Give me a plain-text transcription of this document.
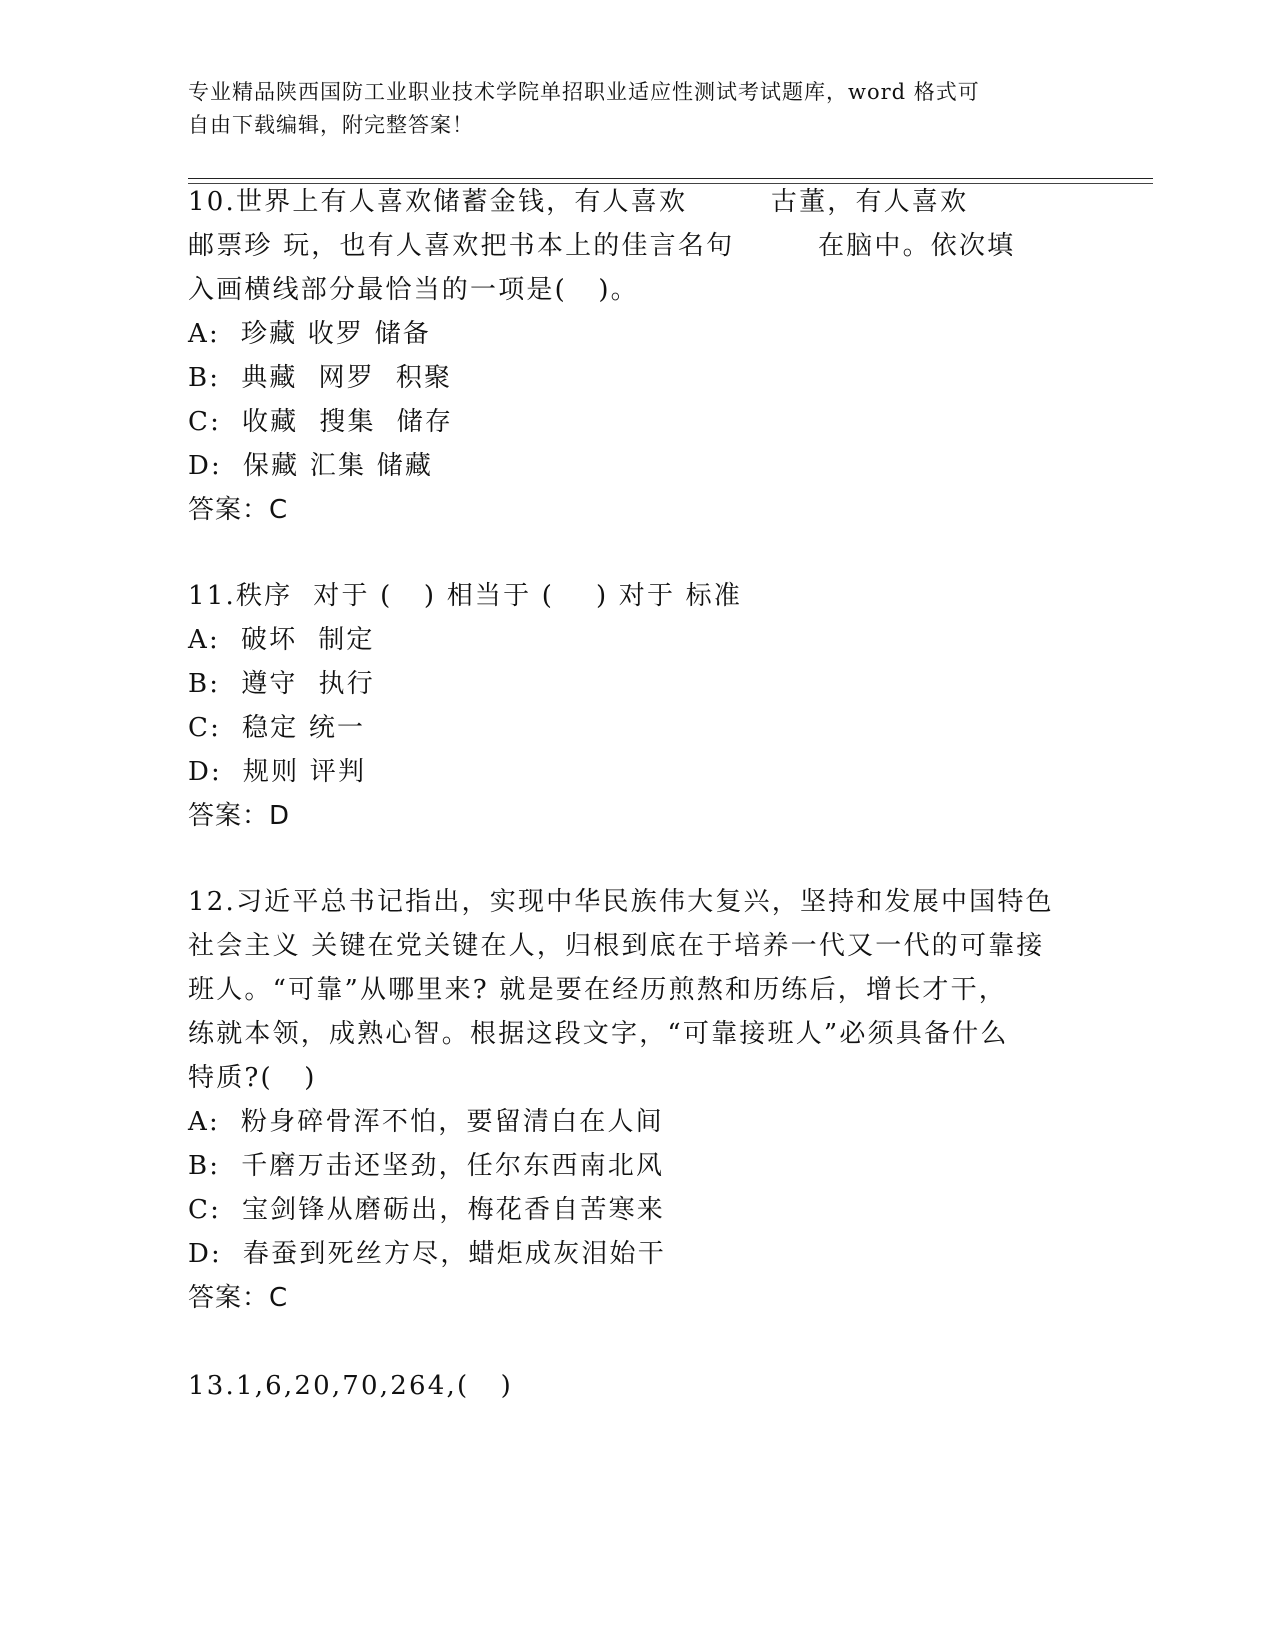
专业精品陕西国防工业职业技术学院单招职业适应性测试考试题库，word 格式可
自由下载编辑，附完整答案！
10.世界上有人喜欢储蓄金钱，有人喜欢        古董，有人喜欢
邮票珍 玩，也有人喜欢把书本上的佳言名句        在脑中。依次填
入画横线部分最恰当的一项是(   )。
A:  珍藏 收罗 储备
B:  典藏  网罗  积聚
C:  收藏  搜集  储存
D:  保藏 汇集 储藏
答案：C
11.秩序  对于 (   ) 相当于 (    ) 对于 标准
A:  破坏  制定
B:  遵守  执行
C:  稳定 统一
D:  规则 评判
答案：D
12.习近平总书记指出，实现中华民族伟大复兴，坚持和发展中国特色
社会主义 关键在党关键在人，归根到底在于培养一代又一代的可靠接
班人。“可靠”从哪里来? 就是要在经历煎熬和历练后，增长才干，
练就本领，成熟心智。根据这段文字，“可靠接班人”必须具备什么
特质?(   )
A:  粉身碎骨浑不怕，要留清白在人间
B:  千磨万击还坚劲，任尔东西南北风
C:  宝剑锋从磨砺出，梅花香自苦寒来
D:  春蚕到死丝方尽，蜡炬成灰泪始干
答案：C
13.1,6,20,70,264,(   )
